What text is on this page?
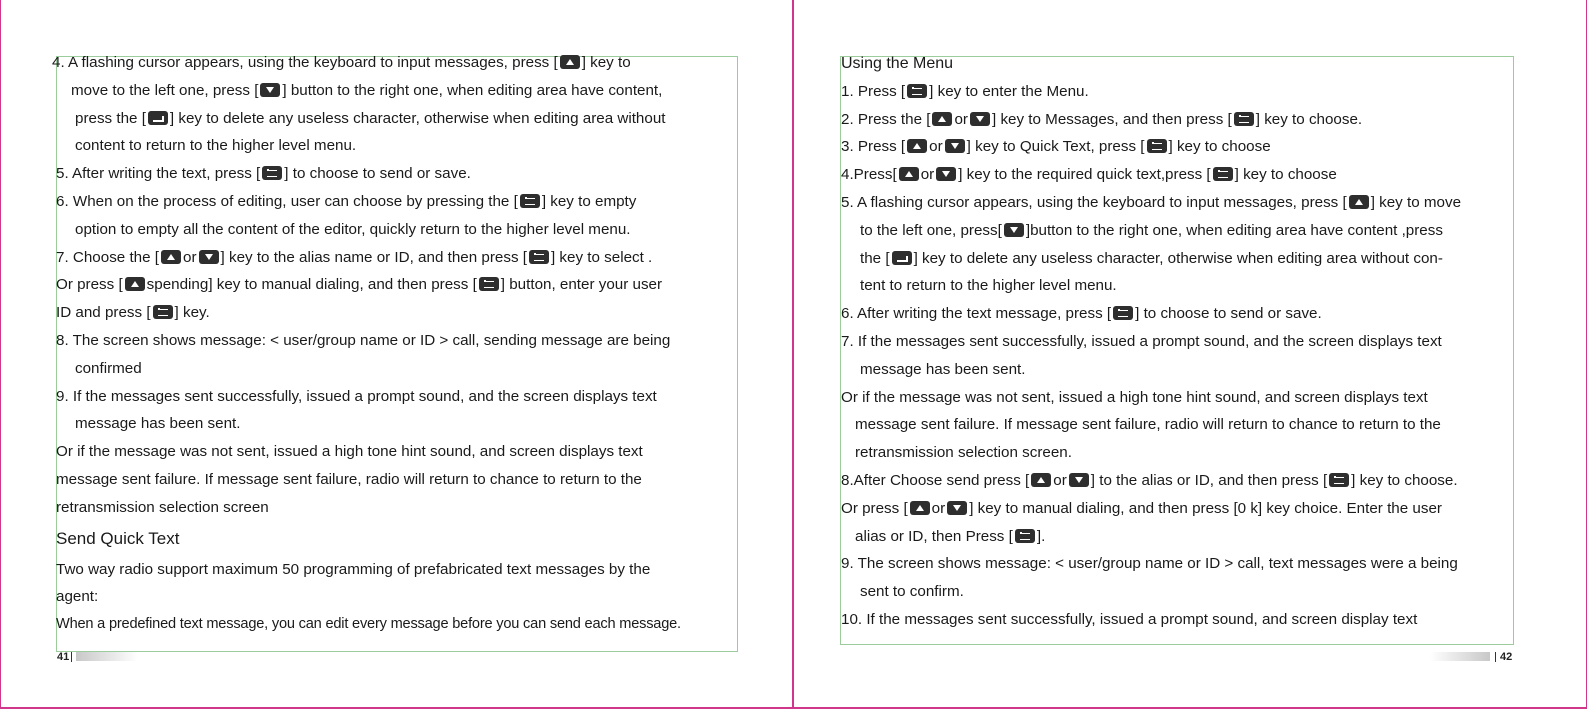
4. A flashing cursor appears, using the keyboard to input messages, press [ ] key to
move to the left one, press [ ] button to the right one, when editing area have content,
press the [ ] key to delete any useless character, otherwise when editing area without
content to return to the higher level menu.
5. After writing the text, press [ ] to choose to send or save.
6. When on the process of editing, user can choose by pressing the [ ] key to empty
option to empty all the content of the editor, quickly return to the higher level menu.
7. Choose the [ or ] key to the alias name or ID, and then press [ ] key to select .
Or press [ spending] key to manual dialing, and then press [ ] button, enter your user
ID and press [ ] key.
8. The screen shows message: < user/group name or ID > call, sending message are being
confirmed
9. If the messages sent successfully, issued a prompt sound, and the screen displays text
message has been sent.
Or if the message was not sent, issued a high tone hint sound, and screen displays text
message sent failure. If message sent failure, radio will return to chance to return to the
retransmission selection screen
Send Quick Text
Two way radio support maximum 50 programming of prefabricated text messages by the
agent:
When a predefined text message, you can edit every message before you can send each message.
41
Using the Menu
1. Press [ ] key to enter the Menu.
2. Press the [ or ] key to Messages, and then press [ ] key to choose.
3. Press [ or ] key to Quick Text, press [ ] key to choose
4.Press[ or ] key to the required quick text,press [ ] key to choose
5. A flashing cursor appears, using the keyboard to input messages, press [ ] key to move
to the left one, press[ ]button to the right one, when editing area have content ,press
the [ ] key to delete any useless character, otherwise when editing area without con-
tent to return to the higher level menu.
6. After writing the text message, press [ ] to choose to send or save.
7. If the messages sent successfully, issued a prompt sound, and the screen displays text
message has been sent.
Or if the message was not sent, issued a high tone hint sound, and screen displays text
message sent failure. If message sent failure, radio will return to chance to return to the
retransmission selection screen.
8.After Choose send press [ or ] to the alias or ID, and then press [ ] key to choose.
Or press [ or ] key to manual dialing, and then press [0 k] key choice. Enter the user
alias or ID, then Press [ ].
9. The screen shows message: < user/group name or ID > call, text messages were a being
sent to confirm.
10. If the messages sent successfully, issued a prompt sound, and screen display text
42
